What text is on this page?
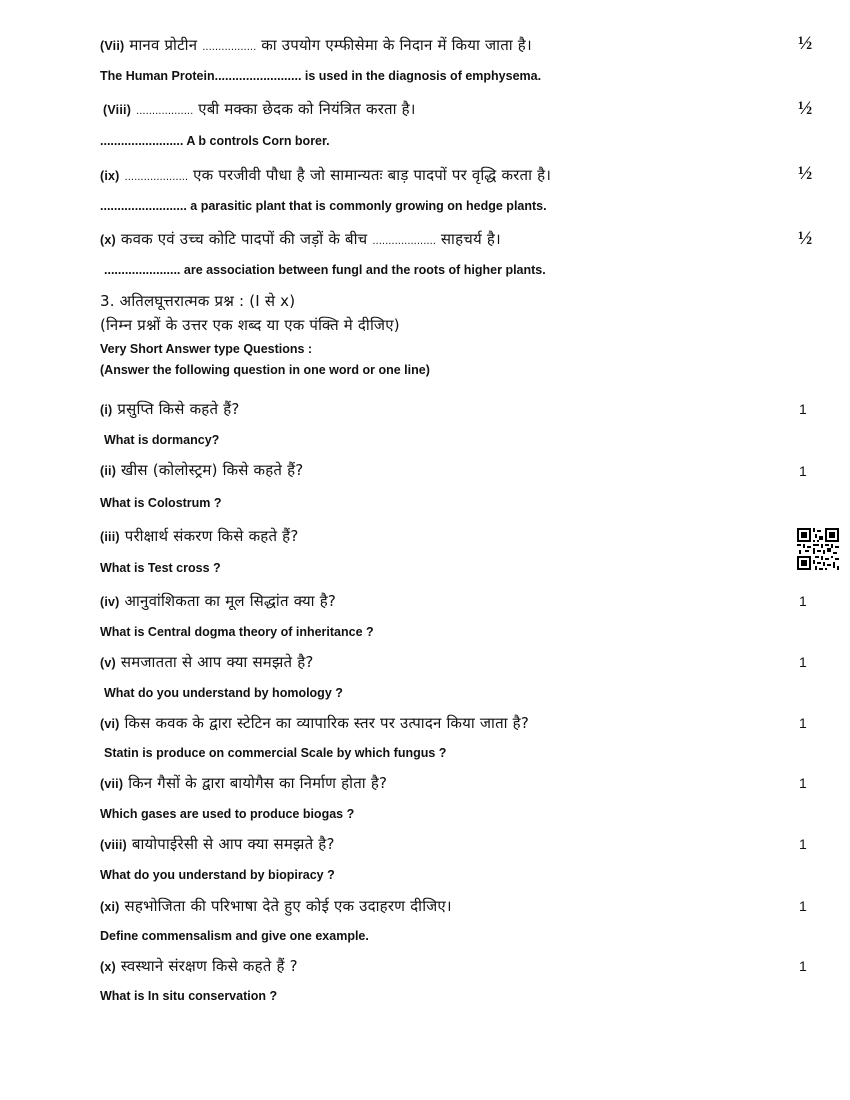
(Vii) मानव प्रोटीन ................. का उपयोग एम्फीसेमा के निदान में किया जाता है।	½
The Human Protein......................... is used in the diagnosis of emphysema.
(Viii) .................. एबी मक्का छेदक को नियंत्रित करता है।	½
........................ A b controls Corn borer.
(ix) .................... एक परजीवी पौधा है जो सामान्यतः बाड़ पादपों पर वृद्धि करता है।	½
......................... a parasitic plant that is commonly growing on hedge plants.
(x) कवक एवं उच्च कोटि पादपों की जड़ों के बीच .................... साहचर्य है।	½
...................... are association between fungl and the roots of higher plants.
3. अतिलघूत्तरात्मक प्रश्न : (I से x)
(निम्न प्रश्नों के उत्तर एक शब्द या एक पंक्ति मे दीजिए)
Very Short Answer type Questions :
(Answer the following question in one word or one line)
(i) प्रसुप्ति किसे कहते हैं?	1
What is dormancy?
(ii) खीस (कोलोस्ट्रम) किसे कहते हैं?	1
What is Colostrum ?
(iii) परीक्षार्थ संकरण किसे कहते हैं?
What is Test cross ?
(iv) आनुवांशिकता का मूल सिद्धांत क्या है?	1
What is Central dogma theory of inheritance ?
(v) समजातता से आप क्या समझते है?	1
What do you understand by homology ?
(vi) किस कवक के द्वारा स्टेटिन का व्यापारिक स्तर पर उत्पादन किया जाता है?	1
Statin is produce on commercial Scale by which fungus ?
(vii) किन गैसों के द्वारा बायोगैस का निर्माण होता है?	1
Which gases are used to produce biogas ?
(viii) बायोपाईरेसी से आप क्या समझते है?	1
What do you understand by biopiracy ?
(xi) सहभोजिता की परिभाषा देते हुए कोई एक उदाहरण दीजिए।	1
Define commensalism and give one example.
(x) स्वस्थाने संरक्षण किसे कहते हैं ?	1
What is In situ conservation ?
